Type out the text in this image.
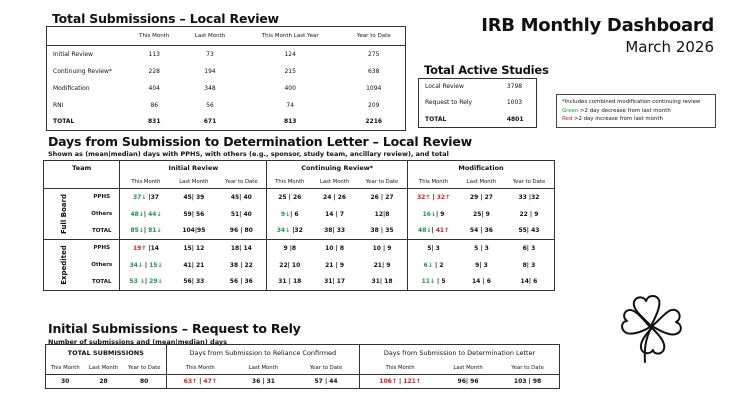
IRB Monthly Dashboard
March 2026
Total Submissions – Local Review
	This Month	Last Month	This Month Last Year	Year to Date
Initial Review	113	73	124	275
Continuing Review*	228	194	215	638
Modification	404	348	400	1094
RNI	86	56	74	209
TOTAL	831	671	813	2216
Total Active Studies
Local Review	3798
Request to Rely	1003
TOTAL	4801
*Includes combined modification continuing review
Green >2 day decrease from last month
Red >2 day increase from last month
Days from Submission to Determination Letter – Local Review
Shown as (mean|median) days with PPHS, with others (e.g., sponsor, study team, ancillary review), and total
Team		Initial Review			Continuing Review*			Modification		
		This Month	Last Month	Year to Date	This Month	Last Month	Year to Date	This Month	Last Month	Year to Date
Full Board	PPHS	37↓ |37	45| 39	45| 40	25 | 26	24 | 26	26 | 27	32↑ | 32↑	29 | 27	33 |32
	Others	48↓| 44↓	59| 56	51| 40	9↓| 6	14 | 7	12|8	16↓| 9	25| 9	22 | 9
	TOTAL	85↓| 81↓	104|95	96 | 80	34↓ |32	38| 33	38 | 35	48↓| 41↑	54 | 36	55| 43
Expedited	PPHS	19↑ |14	15| 12	18| 14	9 |8	10 | 8	10 | 9	5| 3	5 | 3	6| 3
	Others	34↓ | 15↓	41| 21	38 | 22	22| 10	21 | 9	21| 9	6↓ | 2	9| 3	8| 3
	TOTAL	53 ↓| 29↓	56| 33	56 | 36	31 | 18	31| 17	31| 18	11↓ | 5	14 | 6	14| 6
Initial Submissions – Request to Rely
Number of submissions and (mean|median) days
TOTAL SUBMISSIONS			Days from Submission to Reliance Confirmed			Days from Submission to Determination Letter		
This Month	Last Month	Year to Date	This Month	Last Month	Year to Date	This Month	Last Month	Year to Date
30	28	80	63↑ | 47↑	36 | 31	57 | 44	106↑ | 121↑	96| 96	103 | 98
